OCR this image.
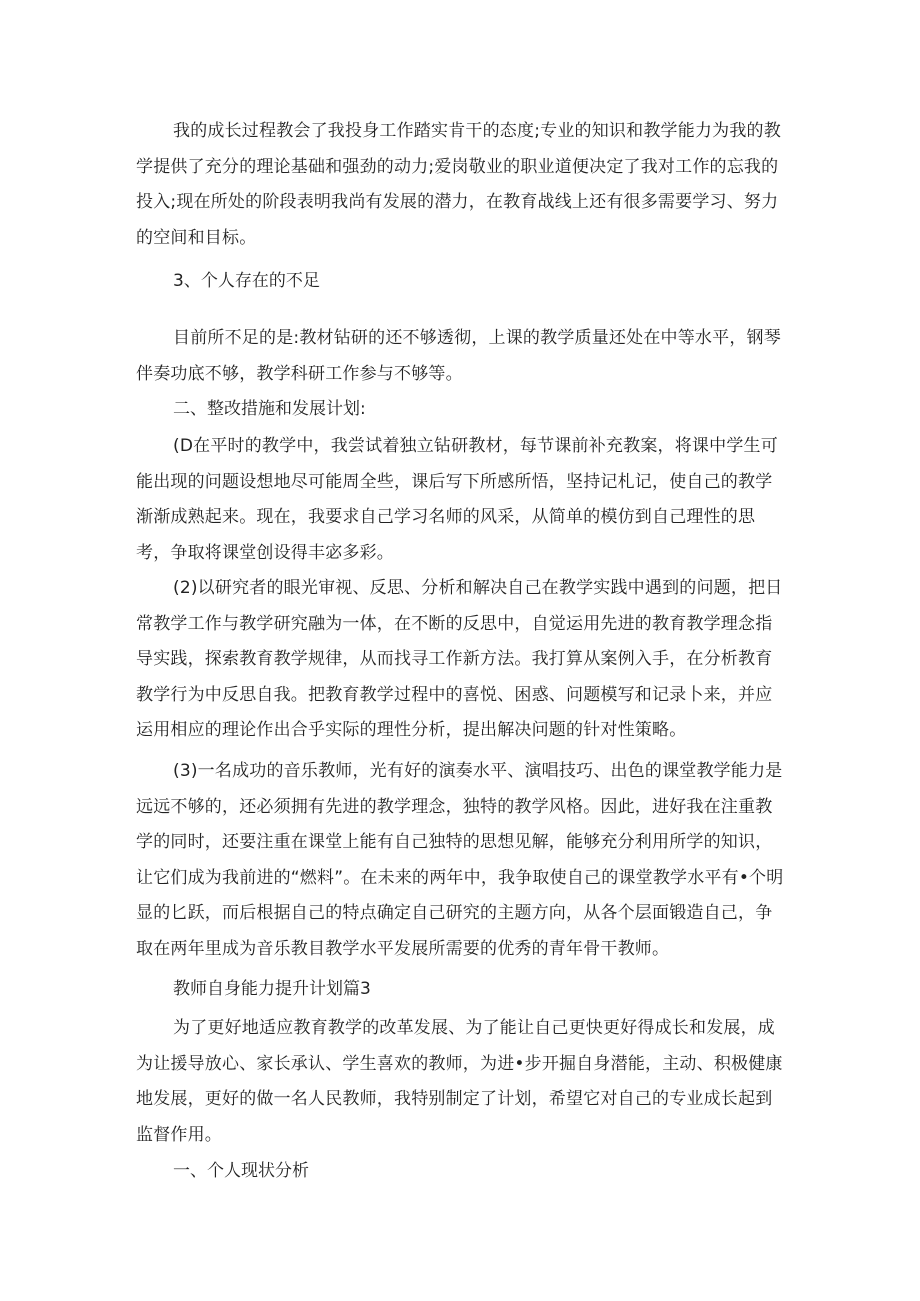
我的成长过程教会了我投身工作踏实肯干的态度;专业的知识和教学能力为我的教学提供了充分的理论基础和强劲的动力;爱岗敬业的职业道便决定了我对工作的忘我的投入;现在所处的阶段表明我尚有发展的潜力，在教育战线上还有很多需要学习、努力的空间和目标。

3、个人存在的不足

目前所不足的是:教材钻研的还不够透彻，上课的教学质量还处在中等水平，钢琴伴奏功底不够，教学科研工作参与不够等。

二、整改措施和发展计划:

(D在平时的教学中，我尝试着独立钻研教材，每节课前补充教案，将课中学生可能出现的问题设想地尽可能周全些，课后写下所感所悟，坚持记札记，使自己的教学渐渐成熟起来。现在，我要求自己学习名师的风采，从简单的模仿到自己理性的思考，争取将课堂创设得丰宓多彩。

(2)以研究者的眼光审视、反思、分析和解决自己在教学实践中遇到的问题，把日常教学工作与教学研究融为一体，在不断的反思中，自觉运用先进的教育教学理念指导实践，探索教育教学规律，从而找寻工作新方法。我打算从案例入手，在分析教育教学行为中反思自我。把教育教学过程中的喜悦、困惑、问题模写和记录卜来，并应运用相应的理论作出合乎实际的理性分析，提出解决问题的针对性策略。

(3)一名成功的音乐教师，光有好的演奏水平、演唱技巧、出色的课堂教学能力是远远不够的，还必须拥有先进的教学理念，独特的教学风格。因此，进好我在注重教学的同时，还要注重在课堂上能有自己独特的思想见解，能够充分利用所学的知识，让它们成为我前进的“燃料”。在未来的两年中，我争取使自己的课堂教学水平有•个明显的匕跃，而后根据自己的特点确定自己研究的主题方向，从各个层面锻造自己，争取在两年里成为音乐教目教学水平发展所需要的优秀的青年骨干教师。

教师自身能力提升计划篇3

为了更好地适应教育教学的改革发展、为了能让自己更快更好得成长和发展，成为让援导放心、家长承认、学生喜欢的教师，为进•步开掘自身潜能，主动、积极健康地发展，更好的做一名人民教师，我特别制定了计划，希望它对自己的专业成长起到监督作用。

一、个人现状分析
